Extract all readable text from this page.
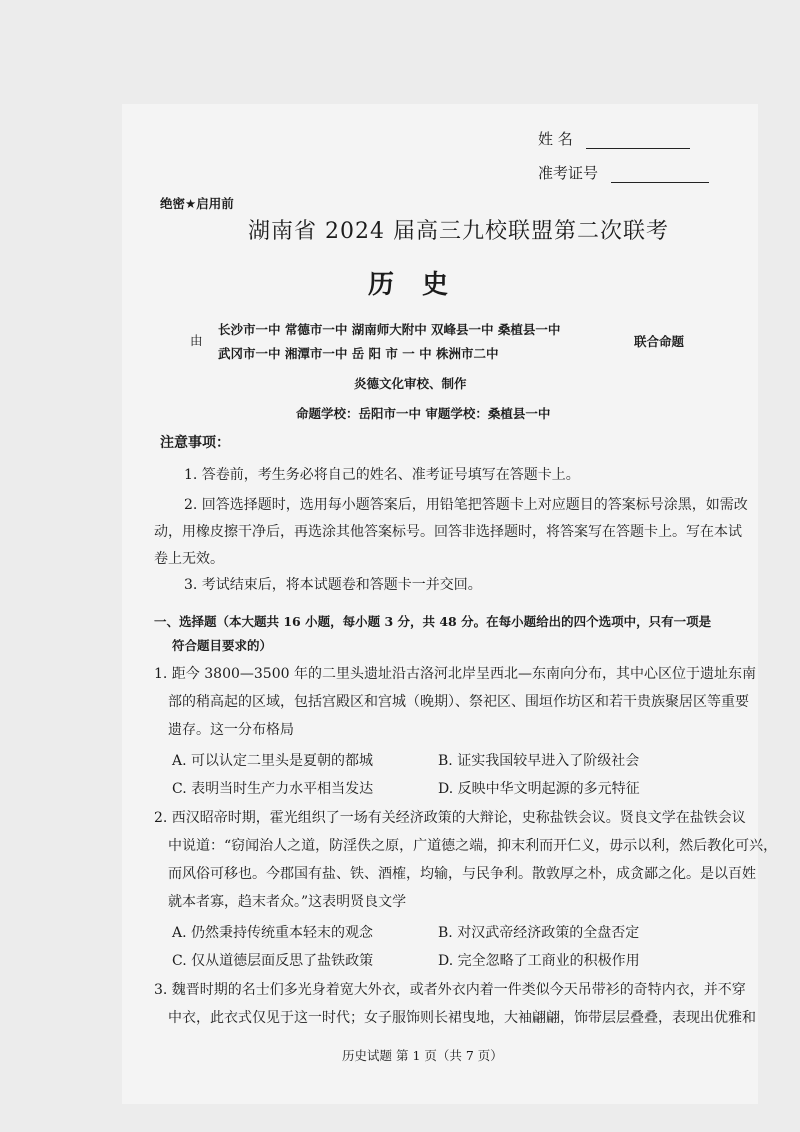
姓 名
准考证号
绝密★启用前
湖南省 2024 届高三九校联盟第二次联考
历史
由
长沙市一中 常德市一中 湖南师大附中 双峰县一中 桑植县一中
武冈市一中 湘潭市一中 岳 阳 市 一 中 株洲市二中
联合命题
炎德文化审校、制作
命题学校：岳阳市一中 审题学校：桑植县一中
注意事项：
1. 答卷前，考生务必将自己的姓名、准考证号填写在答题卡上。
2. 回答选择题时，选用每小题答案后，用铅笔把答题卡上对应题目的答案标号涂黑，如需改
动，用橡皮擦干净后，再选涂其他答案标号。回答非选择题时，将答案写在答题卡上。写在本试
卷上无效。
3. 考试结束后，将本试题卷和答题卡一并交回。
一、选择题（本大题共 16 小题，每小题 3 分，共 48 分。在每小题给出的四个选项中，只有一项是
符合题目要求的）
1. 距今 3800—3500 年的二里头遗址沿古洛河北岸呈西北—东南向分布，其中心区位于遗址东南
部的稍高起的区域，包括宫殿区和宫城（晚期）、祭祀区、围垣作坊区和若干贵族聚居区等重要
遗存。这一分布格局
A. 可以认定二里头是夏朝的都城	B. 证实我国较早进入了阶级社会
C. 表明当时生产力水平相当发达	D. 反映中华文明起源的多元特征
2. 西汉昭帝时期，霍光组织了一场有关经济政策的大辩论，史称盐铁会议。贤良文学在盐铁会议
中说道：“窃闻治人之道，防淫佚之原，广道德之端，抑末利而开仁义，毋示以利，然后教化可兴，
而风俗可移也。今郡国有盐、铁、酒榷，均输，与民争利。散敦厚之朴，成贪鄙之化。是以百姓
就本者寡，趋末者众。”这表明贤良文学
A. 仍然秉持传统重本轻末的观念	B. 对汉武帝经济政策的全盘否定
C. 仅从道德层面反思了盐铁政策	D. 完全忽略了工商业的积极作用
3. 魏晋时期的名士们多光身着宽大外衣，或者外衣内着一件类似今天吊带衫的奇特内衣，并不穿
中衣，此衣式仅见于这一时代；女子服饰则长裙曳地，大袖翩翩，饰带层层叠叠，表现出优雅和
历史试题 第 1 页（共 7 页）
